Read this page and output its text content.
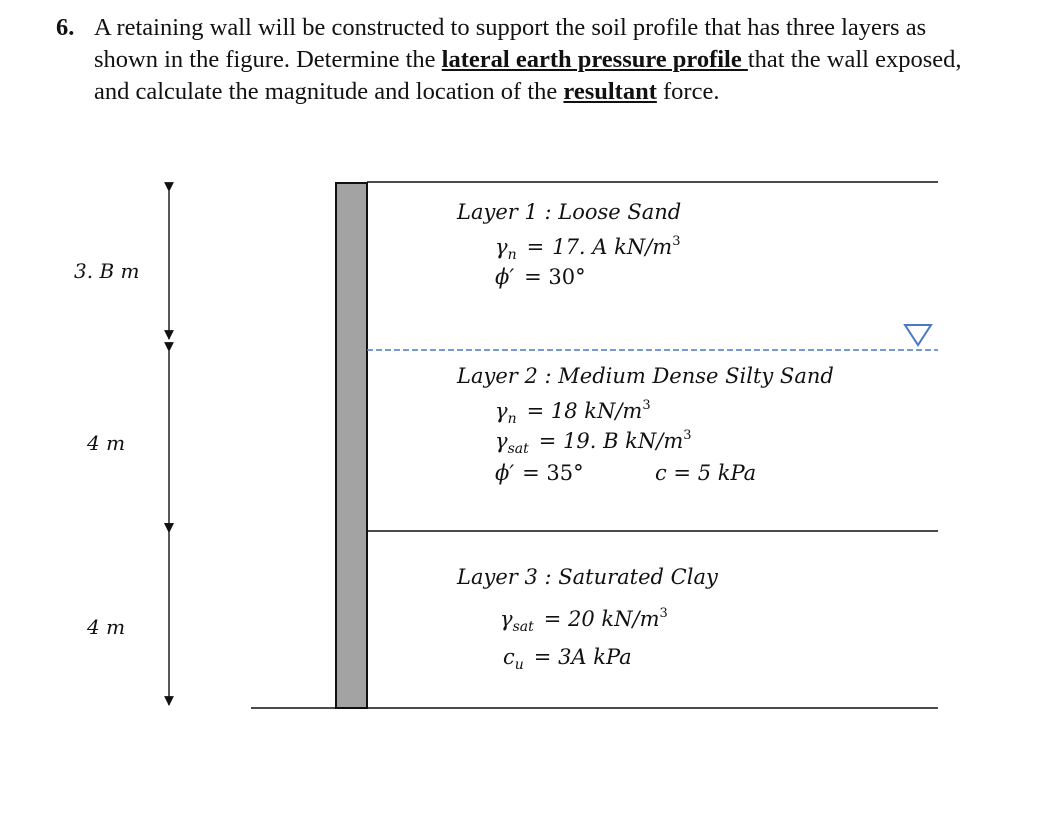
6. A retaining wall will be constructed to support the soil profile that has three layers as shown in the figure. Determine the lateral earth pressure profile that the wall exposed, and calculate the magnitude and location of the resultant force.
3. B m
4 m
4 m
Layer 1 : Loose Sand
$\gamma_n = 17$. A $kN/m^3$
ϕ′ = 30°
Layer 2 : Medium Dense Silty Sand
$\gamma_n = 18$ $kN/m^3$
$\gamma_{sat} = 19$. B $kN/m^3$
ϕ′ = 35°	c = 5 kPa
Layer 3 : Saturated Clay
$\gamma_{sat} = 20$ $kN/m^3$
$c_u = 3A$ kPa
